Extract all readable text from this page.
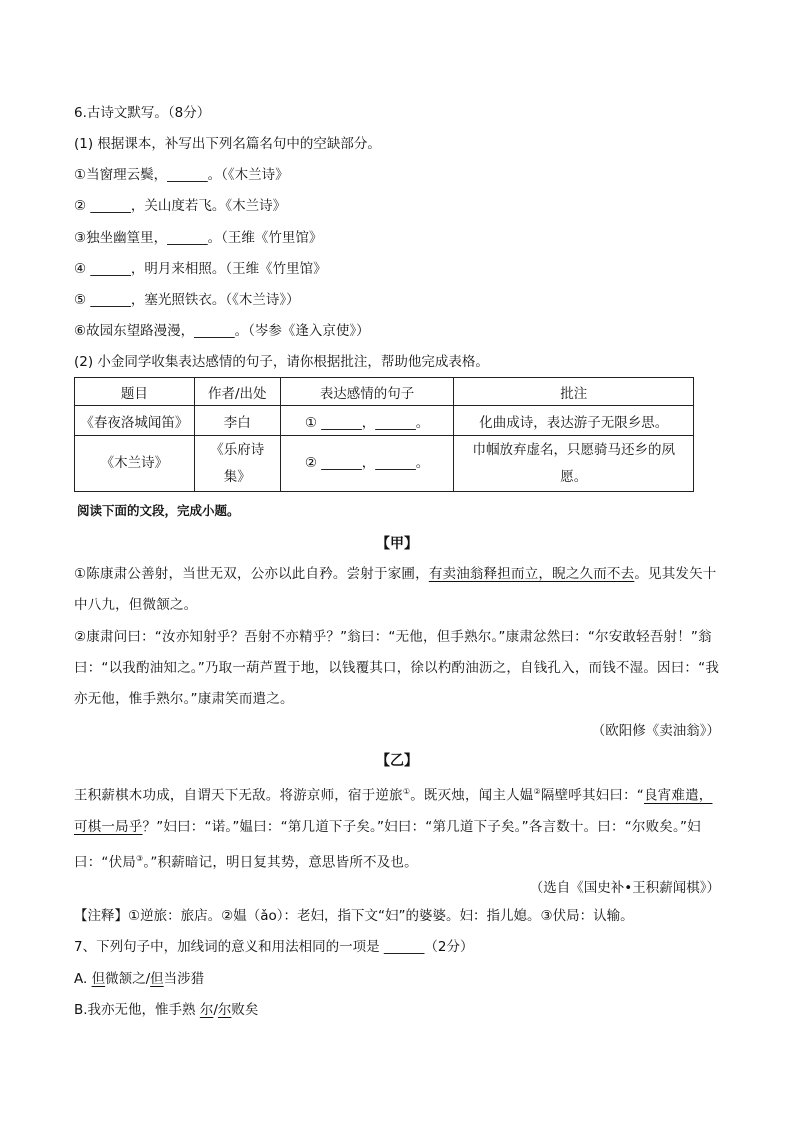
6.古诗文默写。（8分）
(1) 根据课本，补写出下列名篇名句中的空缺部分。
①当窗理云鬓，______。（《木兰诗》
② ______，关山度若飞。《木兰诗》
③独坐幽篁里，______。（王维《竹里馆》
④ ______，明月来相照。（王维《竹里馆》
⑤ ______，塞光照铁衣。（《木兰诗》）
⑥故园东望路漫漫，______。（岑参《逢入京使》）
(2) 小金同学收集表达感情的句子，请你根据批注，帮助他完成表格。
题目	作者/出处	表达感情的句子	批注
《春夜洛城闻笛》	李白	① ______，______。	化曲成诗，表达游子无限乡思。
《木兰诗》	《乐府诗集》	② ______，______。	巾帼放弃虚名，只愿骑马还乡的夙愿。
阅读下面的文段，完成小题。
【甲】
①陈康肃公善射，当世无双，公亦以此自矜。尝射于家圃，有卖油翁释担而立，睨之久而不去。见其发矢十中八九，但微颔之。
②康肃问曰：“汝亦知射乎？吾射不亦精乎？”翁曰：“无他，但手熟尔。”康肃忿然曰：“尔安敢轻吾射！”翁曰：“以我酌油知之。”乃取一葫芦置于地，以钱覆其口，徐以杓酌油沥之，自钱孔入，而钱不湿。因曰：“我亦无他，惟手熟尔。”康肃笑而遣之。
（欧阳修《卖油翁》）
【乙】
王积薪棋木功成，自谓天下无敌。将游京师，宿于逆旅①。既灭烛，闻主人媪②隔壁呼其妇曰：“良宵难遣，可棋一局乎？”妇曰：“诺。”媪曰：“第几道下子矣。”妇曰：“第几道下子矣。”各言数十。曰：“尔败矣。”妇曰：“伏局③。”积薪暗记，明日复其势，意思皆所不及也。
（选自《国史补•王积薪闻棋》）
【注释】①逆旅：旅店。②媪（ǎo）：老妇，指下文“妇”的婆婆。妇：指儿媳。③伏局：认输。
7、下列句子中，加线词的意义和用法相同的一项是 ______（2分）
A. 但微颔之/但当涉猎
B.我亦无他，惟手熟 尔/尔败矣
